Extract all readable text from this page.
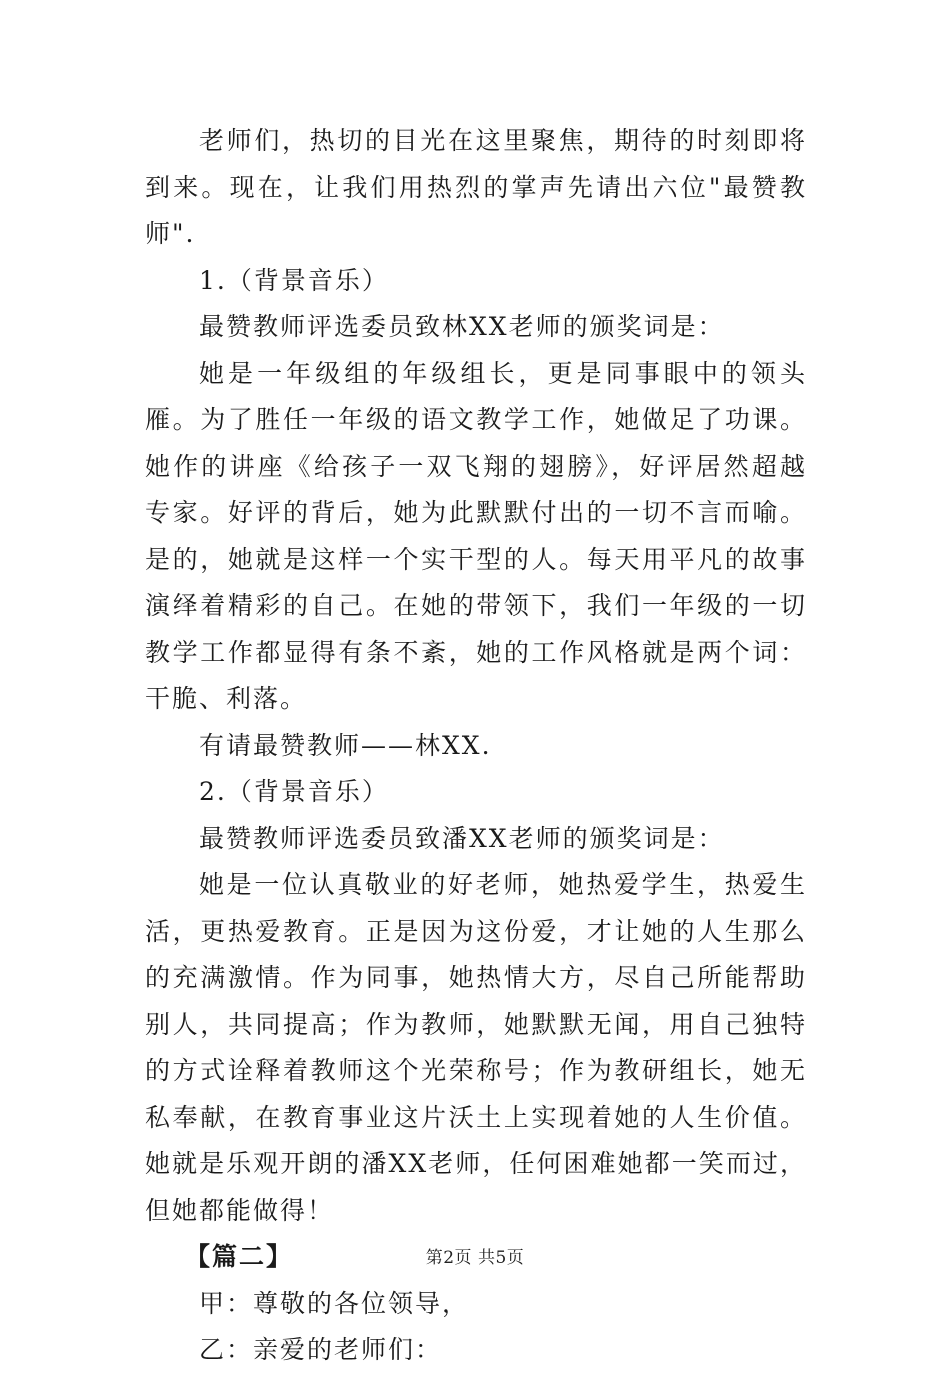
老师们，热切的目光在这里聚焦，期待的时刻即将到来。现在，让我们用热烈的掌声先请出六位"最赞教师".

1.（背景音乐）

最赞教师评选委员致林XX老师的颁奖词是：

她是一年级组的年级组长，更是同事眼中的领头雁。为了胜任一年级的语文教学工作，她做足了功课。她作的讲座《给孩子一双飞翔的翅膀》，好评居然超越专家。好评的背后，她为此默默付出的一切不言而喻。是的，她就是这样一个实干型的人。每天用平凡的故事演绎着精彩的自己。在她的带领下，我们一年级的一切教学工作都显得有条不紊，她的工作风格就是两个词：干脆、利落。

有请最赞教师——林XX.

2.（背景音乐）

最赞教师评选委员致潘XX老师的颁奖词是：

她是一位认真敬业的好老师，她热爱学生，热爱生活，更热爱教育。正是因为这份爱，才让她的人生那么的充满激情。作为同事，她热情大方，尽自己所能帮助别人，共同提高；作为教师，她默默无闻，用自己独特的方式诠释着教师这个光荣称号；作为教研组长，她无私奉献，在教育事业这片沃土上实现着她的人生价值。她就是乐观开朗的潘XX老师，任何困难她都一笑而过，但她都能做得！

【篇二】

甲：尊敬的各位领导，

乙：亲爱的老师们：

第2页 共5页
